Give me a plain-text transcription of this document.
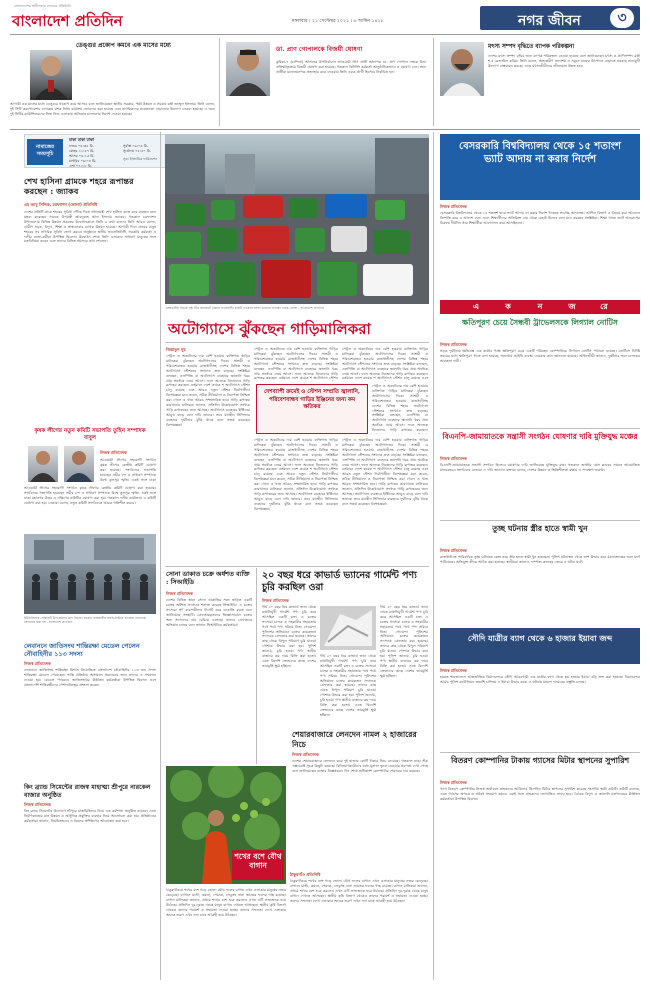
বাংলাদেশের স্বাধীনতার ভোরের প্রতিধ্বনি
বাংলাদেশ প্রতিদিন	মঙ্গলবার । ২১ সেপ্টেম্বর ২০২১ । ৬ আশ্বিন ১৪২৮	নগর জীবন	৩
ডেঙ্গুর প্রকোপ কমবে এক মাসের মধ্যে
আগামী এক মাসের মধ্যে ডেঙ্গুর প্রকোপ কমে আসবে বলে জানিয়েছেন স্থানীয় সরকার, পল্লী উন্নয়ন ও সমবায় মন্ত্রী তাজুল ইসলাম। তিনি বলেন, দুই সিটি করপোরেশন এলাকায় মশক নিধন কার্যক্রম জোরদার করা হয়েছে এবং নাগরিকদের সচেতনতা বাড়ানোর উদ্যোগ নেওয়া হয়েছে। এ জন্য দুই সিটির কাউন্সিলরদের নিজ নিজ এলাকায় অভিযান চালানোর নির্দেশ দেওয়া হয়েছে।
ডা. প্রাণ গোপালকে বিজয়ী ঘোষণা
কুমিল্লা-৭ (চান্দিনা) আসনের উপনির্বাচনে আওয়ামী লীগ প্রার্থী অধ্যাপক ডা. প্রাণ গোপাল দত্তকে বিনা প্রতিদ্বন্দ্বিতায় বিজয়ী ঘোষণা করা হয়েছে। গতকাল রিটার্নিং কর্মকর্তা আনুষ্ঠানিকভাবে এ ঘোষণা দেন। অন্য প্রার্থীরা মনোনয়নপত্র প্রত্যাহার করে নেওয়ায় তিনি একক প্রার্থী হিসেবে নির্বাচিত হন।
মৎস্য সম্পদ বৃদ্ধিতে ব্যাপক পরিকল্পনা
দেশের মৎস্য সম্পদ বৃদ্ধির জন্য ব্যাপক পরিকল্পনা নেওয়া হয়েছে বলে জানিয়েছেন মৎস্য ও প্রাণিসম্পদ মন্ত্রী শ ম রেজাউল করিম। তিনি বলেন, অভ্যন্তরীণ জলাশয় ও সমুদ্রে মাছের উৎপাদন বাড়াতে সরকার নানামুখী উদ্যোগ বাস্তবায়ন করছে। এতে মৎস্যজীবীদের জীবনমান উন্নত হবে।
নামাজের সময়সূচি
ঢাকা ঢাকা ঢাকা
ফজর ০৪:৩৫ মি.
যোহর ১১:৫৭ মি.
আসর ০৪:১৫ মি.
মাগরিব ০৬:০৪ মি.
এশা ০৭:১৮ মি.
সূর্যাস্ত ০৬:০৪ মি.
সূর্যোদয় ০৫:৫০ মি.
সূত্র: ইসলামিক ফাউন্ডেশন
শেখ হাসিনা গ্রামকে শহরে রূপান্তর করছেন : জ্যাকব
এম আবু সিদ্দিক, চরফ্যাশন (ভোলা) প্রতিনিধি
দেশের প্রতিটি গ্রামে শহরের সুবিধা পৌঁছে দিতে প্রধানমন্ত্রী শেখ হাসিনা কাজ করে যাচ্ছেন বলে মন্তব্য করেছেন সাবেক উপমন্ত্রী আবদুল্লাহ আল ইসলাম জ্যাকব। গতকাল চরফ্যাশন উপজেলায় বিভিন্ন উন্নয়ন প্রকল্পের উদ্বোধনকালে তিনি এ কথা বলেন। তিনি আরও বলেন, গ্রামীণ সড়ক, বিদ্যুৎ, শিক্ষা ও স্বাস্থ্যসেবার ব্যাপক উন্নয়ন হয়েছে। আগামী দিনে গ্রামের মানুষ শহরের সব নাগরিক সুবিধা ভোগ করবে। অনুষ্ঠানে স্থানীয় জনপ্রতিনিধি, সরকারি কর্মকর্তা ও দলীয় নেতা-কর্মীরা উপস্থিত ছিলেন। উদ্বোধন শেষে তিনি এলাকার সাধারণ মানুষের সঙ্গে মতবিনিময় করেন এবং তাদের বিভিন্ন সমস্যার কথা শোনেন।
কৃষক লীগের নতুন কমিটি সভাপতি তুহিন সম্পাদক বাবুল
নিজস্ব প্রতিবেদক
আওয়ামী লীগের সহযোগী সংগঠন কৃষক লীগের কেন্দ্রীয় কমিটি ঘোষণা করা হয়েছে। সংগঠনের সভাপতি হয়েছেন সমীর চন্দ ও সাধারণ সম্পাদক উম্মে কুলসুম স্মৃতি। একই সঙ্গে ঢাকা
আওয়ামী লীগের সহযোগী সংগঠন কৃষক লীগের কেন্দ্রীয় কমিটি ঘোষণা করা হয়েছে। সংগঠনের সভাপতি হয়েছেন সমীর চন্দ ও সাধারণ সম্পাদক উম্মে কুলসুম স্মৃতি। একই সঙ্গে ঢাকা মহানগর উত্তর ও দক্ষিণের কমিটিও ঘোষণা করা হয়। গতকাল দলীয় কার্যালয়ে এ কমিটি ঘোষণা করা হয়। নেতারা বলেন, নতুন কমিটি সংগঠনকে আরও গতিশীল করবে।
ইউনিসিফের সেরিনিটি উপজেলায় ত্রাণ বিতরণ করেন। রাজধানীর অ্যাভিনিউয়ে গতকাল নিরাপত্তা জোরদার করা হয় - বাংলাদেশ প্রতিদিন
লেবাননে জাতিসংঘ শান্তিরক্ষা মেডেল পেলেন নৌবাহিনীর ১১৩ সদস্য
নিজস্ব প্রতিবেদক
লেবাননে জাতিসংঘ শান্তিরক্ষা মিশনে নিয়োজিত বাংলাদেশ নৌবাহিনীর ১১৩ জন সদস্য শান্তিরক্ষা মেডেল পেয়েছেন। শান্তি প্রতিষ্ঠায় অসামান্য অবদানের জন্য তাদের এ সম্মাননা দেওয়া হয়। মেডেল প্যারেডে জাতিসংঘের ঊর্ধ্বতন কর্মকর্তারা উপস্থিত ছিলেন এবং বাংলাদেশি শান্তিরক্ষীদের পেশাদারিত্বের প্রশংসা করেন।
কিং ব্র্যান্ড সিমেন্টের রাজস্ব মাহাত্ম্য শ্রীপুরে নারকেল বাজার অনুষ্ঠিত
নিজস্ব প্রতিবেদক
কিং ব্র্যান্ড সিমেন্টের উদ্যোগে শ্রীপুরে রাজমিস্ত্রিদের নিয়ে এক কর্মশালা অনুষ্ঠিত হয়েছে। এতে নির্মাণকাজের মান উন্নয়ন ও আধুনিক প্রযুক্তির ব্যবহার নিয়ে আলোচনা করা হয়। প্রতিষ্ঠানের কর্মকর্তারা জানান, নিয়মিতভাবে এ ধরনের প্রশিক্ষণের আয়োজন করা হবে।
রাজধানীর সড়কে সৃষ্ট তীব্র যানজটে নাকাল নগরবাসী। ছবিটি গতকাল মৎস্য ভবনের এলাকা থেকে তোলা - বাংলাদেশ প্রতিদিন
অটোগ্যাসে ঝুঁকছেন গাড়িমালিকরা
জিন্নাতুন নূর
পেট্রল ও অকটেনের দাম বেশি হওয়ায় ব্যক্তিগত গাড়ির মালিকরা ঝুঁকছেন অটোগ্যাসের দিকে। সাশ্রয়ী ও পরিবেশবান্ধব হওয়ায় রাজধানীসহ দেশের বিভিন্ন শহরে অটোগ্যাস স্টেশনের সংখ্যাও দ্রুত বাড়ছে। সংশ্লিষ্টরা বলছেন, এলপিজি বা অটোগ্যাস ব্যবহারে জ্বালানি খরচ প্রায় অর্ধেকে নেমে আসে। ফলে অনেকে নিজেদের গাড়ি রূপান্তর করছেন। বর্তমানে দেশে কয়েক শ অটোগ্যাস স্টেশন চালু রয়েছে এবং আরও নতুন স্টেশন নির্মাণাধীন। বিশেষজ্ঞরা মনে করেন, সঠিক নীতিমালা ও নিরাপত্তা নিশ্চিত করা গেলে এ খাত আরও সম্প্রসারিত হবে। গাড়ি রূপান্তর কারখানার মালিকরা জানান, প্রতিদিন উল্লেখযোগ্য সংখ্যক গাড়ি রূপান্তরের জন্য আসছে। অটোগ্যাস ব্যবহারে ইঞ্জিনের আয়ুও বাড়ে বলে দাবি তাদের। তবে মানহীন সিলিন্ডার ব্যবহারে দুর্ঘটনার ঝুঁকি থাকে বলে সতর্ক করেছেন বিশেষজ্ঞরা।
পেট্রল ও অকটেনের দাম বেশি হওয়ায় ব্যক্তিগত গাড়ির মালিকরা ঝুঁকছেন অটোগ্যাসের দিকে। সাশ্রয়ী ও পরিবেশবান্ধব হওয়ায় রাজধানীসহ দেশের বিভিন্ন শহরে অটোগ্যাস স্টেশনের সংখ্যাও দ্রুত বাড়ছে। সংশ্লিষ্টরা বলছেন, এলপিজি বা অটোগ্যাস ব্যবহারে জ্বালানি খরচ প্রায় অর্ধেকে নেমে আসে। ফলে অনেকে নিজেদের গাড়ি রূপান্তর করছেন। বর্তমানে দেশে কয়েক শ অটোগ্যাস স্টেশন
পেট্রল ও অকটেনের দাম বেশি হওয়ায় ব্যক্তিগত গাড়ির মালিকরা ঝুঁকছেন অটোগ্যাসের দিকে। সাশ্রয়ী ও পরিবেশবান্ধব হওয়ায় রাজধানীসহ দেশের বিভিন্ন শহরে অটোগ্যাস স্টেশনের সংখ্যাও দ্রুত বাড়ছে। সংশ্লিষ্টরা বলছেন, এলপিজি বা অটোগ্যাস ব্যবহারে জ্বালানি খরচ প্রায় অর্ধেকে নেমে আসে। ফলে অনেকে নিজেদের গাড়ি রূপান্তর করছেন। বর্তমানে দেশে কয়েক শ অটোগ্যাস স্টেশন চালু রয়েছে এবং
দেশব্যাপী ক্রমেই ও স্টেশন সম্প্রতি জ্বালানি, পরিবেশবান্ধব গাড়ির ইঞ্জিনের জন্য কম ক্ষতিকর
পেট্রল ও অকটেনের দাম বেশি হওয়ায় ব্যক্তিগত গাড়ির মালিকরা ঝুঁকছেন অটোগ্যাসের দিকে। সাশ্রয়ী ও পরিবেশবান্ধব হওয়ায় রাজধানীসহ দেশের বিভিন্ন শহরে অটোগ্যাস স্টেশনের সংখ্যাও দ্রুত বাড়ছে। সংশ্লিষ্টরা বলছেন, এলপিজি বা অটোগ্যাস ব্যবহারে জ্বালানি খরচ প্রায় অর্ধেকে নেমে আসে। ফলে অনেকে নিজেদের গাড়ি রূপান্তর করছেন। বর্তমানে দেশে কয়েক শ অটোগ্যাস স্টেশন চালু রয়েছে এবং আরও নতুন স্টেশন নির্মাণাধীন। বিশেষজ্ঞরা মনে করেন, সঠিক নীতিমালা ও নিরাপত্তা নিশ্চিত করা গেলে এ খাত আরও সম্প্রসারিত হবে। গাড়ি রূপান্তর কারখানার মালিকরা জানান, প্রতিদিন উল্লেখযোগ্য সংখ্যক গাড়ি রূপান্তরের জন্য আসছে। অটোগ্যাস ব্যবহারে ইঞ্জিনের আয়ুও বাড়ে বলে দাবি তাদের। তবে মানহীন সিলিন্ডার ব্যবহারে দুর্ঘটনার ঝুঁকি থাকে বলে সতর্ক করেছেন বিশেষজ্ঞরা।
পেট্রল ও অকটেনের দাম বেশি হওয়ায় ব্যক্তিগত গাড়ির মালিকরা ঝুঁকছেন অটোগ্যাসের দিকে। সাশ্রয়ী ও পরিবেশবান্ধব হওয়ায় রাজধানীসহ দেশের বিভিন্ন শহরে অটোগ্যাস স্টেশনের সংখ্যাও দ্রুত বাড়ছে। সংশ্লিষ্টরা বলছেন, এলপিজি বা অটোগ্যাস ব্যবহারে জ্বালানি খরচ প্রায় অর্ধেকে নেমে আসে। ফলে অনেকে নিজেদের গাড়ি রূপান্তর করছেন।
পেট্রল ও অকটেনের দাম বেশি হওয়ায় ব্যক্তিগত গাড়ির মালিকরা ঝুঁকছেন অটোগ্যাসের দিকে। সাশ্রয়ী ও পরিবেশবান্ধব হওয়ায় রাজধানীসহ দেশের বিভিন্ন শহরে অটোগ্যাস স্টেশনের সংখ্যাও দ্রুত বাড়ছে। সংশ্লিষ্টরা বলছেন, এলপিজি বা অটোগ্যাস ব্যবহারে জ্বালানি খরচ প্রায় অর্ধেকে নেমে আসে। ফলে অনেকে নিজেদের গাড়ি রূপান্তর করছেন। বর্তমানে দেশে কয়েক শ অটোগ্যাস স্টেশন চালু রয়েছে এবং আরও নতুন স্টেশন নির্মাণাধীন। বিশেষজ্ঞরা মনে করেন, সঠিক নীতিমালা ও নিরাপত্তা নিশ্চিত করা গেলে এ খাত আরও সম্প্রসারিত হবে। গাড়ি রূপান্তর কারখানার মালিকরা জানান, প্রতিদিন উল্লেখযোগ্য সংখ্যক গাড়ি রূপান্তরের জন্য আসছে। অটোগ্যাস ব্যবহারে ইঞ্জিনের আয়ুও বাড়ে বলে দাবি তাদের। তবে মানহীন সিলিন্ডার ব্যবহারে দুর্ঘটনার ঝুঁকি থাকে বলে সতর্ক করেছেন বিশেষজ্ঞরা।
সোনা ডাকাত চক্রে অর্ধশত ব্যক্তি : সিআইডি
নিজস্ব প্রতিবেদক
দেশের বিভিন্ন স্থানে সোনা ডাকাতির সঙ্গে জড়িত একটি চক্রের অর্ধশত সদস্যকে শনাক্ত করেছে সিআইডি। এ চক্রের সদস্যরা স্বর্ণ ব্যবসায়ীদের টার্গেট করে ডাকাতি করত বলে জানিয়েছে সংস্থাটি। গ্রেফতারকৃতদের জিজ্ঞাসাবাদে চক্রের অন্য সদস্যদের নাম বেরিয়ে এসেছে। তাদের গ্রেফতারে অভিযান চলছে বলে জানান সিআইডির কর্মকর্তারা।
২০ বছর ধরে কাভার্ড ভ্যানের গার্মেন্ট পণ্য চুরি করছিল ওরা
নিজস্ব প্রতিবেদক
দীর্ঘ ২০ বছর ধরে কাভার্ড ভ্যান থেকে রপ্তানিমুখী গার্মেন্ট পণ্য চুরি করে আসছিল একটি চক্র। এ চক্রের সদস্যরা চালক ও সহকারীর সহায়তায় পথে পথে পণ্য সরিয়ে নিত। গোয়েন্দা পুলিশের অভিযানে চক্রের কয়েকজন সদস্যকে গ্রেফতার করা হয়েছে। তাদের কাছ থেকে বিপুল পরিমাণ চুরি যাওয়া পোশাক উদ্ধার করা হয়। পুলিশ জানায়, চুরি হওয়া পণ্য স্থানীয় বাজারে কম দামে বিক্রি করা হতো। এতে বিদেশি ক্রেতাদের কাছে দেশের ভাবমূর্তি ক্ষুণ্ণ হচ্ছিল।
দীর্ঘ ২০ বছর ধরে কাভার্ড ভ্যান থেকে রপ্তানিমুখী গার্মেন্ট পণ্য চুরি করে আসছিল একটি চক্র। এ চক্রের সদস্যরা চালক ও সহকারীর সহায়তায় পথে পথে পণ্য সরিয়ে নিত। গোয়েন্দা পুলিশের অভিযানে চক্রের কয়েকজন সদস্যকে গ্রেফতার করা হয়েছে। তাদের কাছ থেকে বিপুল পরিমাণ চুরি যাওয়া পোশাক উদ্ধার করা হয়। পুলিশ জানায়, চুরি হওয়া পণ্য স্থানীয় বাজারে কম দামে বিক্রি করা হতো। এতে বিদেশি ক্রেতাদের কাছে দেশের ভাবমূর্তি ক্ষুণ্ণ হচ্ছিল।
দীর্ঘ ২০ বছর ধরে কাভার্ড ভ্যান থেকে রপ্তানিমুখী গার্মেন্ট পণ্য চুরি করে আসছিল একটি চক্র। এ চক্রের সদস্যরা চালক ও সহকারীর সহায়তায় পথে পথে পণ্য সরিয়ে নিত। গোয়েন্দা পুলিশের অভিযানে চক্রের কয়েকজন সদস্যকে গ্রেফতার করা হয়েছে। তাদের কাছ থেকে বিপুল পরিমাণ চুরি যাওয়া পোশাক উদ্ধার করা হয়। পুলিশ জানায়, চুরি হওয়া পণ্য স্থানীয় বাজারে কম দামে বিক্রি করা হতো। এতে বিদেশি ক্রেতাদের কাছে দেশের ভাবমূর্তি ক্ষুণ্ণ হচ্ছিল।
শেয়ারবাজারে লেনদেন নামল ২ হাজারের নিচে
নিজস্ব প্রতিবেদক
দেশের শেয়ারবাজারে লেনদেন কমে দুই হাজার কোটি টাকার নিচে নেমেছে। গতকাল ঢাকা স্টক এক্সচেঞ্জে সূচক কিছুটা কমেছে। বিনিয়োগকারীদের মধ্যে মুনাফা তুলে নেওয়ার প্রবণতা দেখা গেছে বলে জানিয়েছেন বাজার বিশ্লেষকরা। দিন শেষে অধিকাংশ কোম্পানির শেয়ারের দাম কমেছে।
শখের বশে যৌথ বাগান
ঠাকুরগাঁও প্রতিনিধি
ঠাকুরগাঁওয়ে শখের বশে গড়ে তোলা যৌথ ফলের বাগান এখন এলাকার মানুষের নজর কেড়েছে। বাগানে মাল্টা, কমলা, পেয়ারা, লেবুসহ নানা জাতের ফলের গাছ রয়েছে। বাগান মালিকরা জানান, প্রথমে শখের বশে শুরু করলেও এখন এটি লাভজনক হয়ে উঠেছে। প্রতিদিন দূর-দূরান্ত থেকে মানুষ বাগান দেখতে আসছেন। স্থানীয় কৃষি বিভাগ থেকেও তাদের পরামর্শ ও সহায়তা দেওয়া হচ্ছে। তাদের সফলতা দেখে এলাকার অনেক তরুণ এখন ফল চাষে আগ্রহী হয়ে উঠছেন।
ঠাকুরগাঁওয়ে শখের বশে গড়ে তোলা যৌথ ফলের বাগান এখন এলাকার মানুষের নজর কেড়েছে। বাগানে মাল্টা, কমলা, পেয়ারা, লেবুসহ নানা জাতের ফলের গাছ রয়েছে। বাগান মালিকরা জানান, প্রথমে শখের বশে শুরু করলেও এখন এটি লাভজনক হয়ে উঠেছে। প্রতিদিন দূর-দূরান্ত থেকে মানুষ বাগান দেখতে আসছেন। স্থানীয় কৃষি বিভাগ থেকেও তাদের পরামর্শ ও সহায়তা দেওয়া হচ্ছে। তাদের সফলতা দেখে এলাকার অনেক তরুণ এখন ফল চাষে আগ্রহী হয়ে উঠছেন।
বেসরকারি বিশ্ববিদ্যালয় থেকে ১৫ শতাংশ ভ্যাট আদায় না করার নির্দেশ
নিজস্ব প্রতিবেদক
বেসরকারি বিশ্ববিদ্যালয় থেকে ১৫ শতাংশ হারে ভ্যাট আদায় না করার নির্দেশ দিয়েছে সর্বোচ্চ আদালত। আপিল বিভাগ এ বিষয়ে করা আবেদন নিষ্পত্তি করে এ আদেশ দেন। ফলে শিক্ষার্থীদের অতিরিক্ত ব্যয় থেকে রেহাই মিলবে বলে মনে করছেন সংশ্লিষ্টরা। শিক্ষা খাতে ভ্যাট আরোপের বিরুদ্ধে দীর্ঘদিন ধরে শিক্ষার্থীরা আন্দোলন করে আসছিলেন।
এ	ক	ন	জ	রে
ক্ষতিপূরণ চেয়ে সৈন্ধবী ট্রাভেলসকে লিগ্যাল নোটিস
নিজস্ব প্রতিবেদক
সড়ক দুর্ঘটনায় ক্ষতিগ্রস্ত এক যাত্রীর পক্ষে ক্ষতিপূরণ চেয়ে একটি পরিবহন কোম্পানিকে লিগ্যাল নোটিস পাঠানো হয়েছে। নোটিসে নির্দিষ্ট সময়ের মধ্যে ক্ষতিপূরণ দিতে বলা হয়েছে, অন্যথায় আইনি ব্যবস্থা নেওয়ার কথা জানানো হয়েছে। আইনজীবী জানান, দুর্ঘটনার জন্য চালকের অবহেলা দায়ী।
বিএনপি-জামায়াতকে সন্ত্রাসী সংগঠন ঘোষণার দাবি মুক্তিযুদ্ধ মঞ্চের
নিজস্ব প্রতিবেদক
বিএনপি-জামায়াতকে সন্ত্রাসী সংগঠন হিসেবে ঘোষণার দাবি জানিয়েছে মুক্তিযুদ্ধ মঞ্চ। গতকাল জাতীয় প্রেস ক্লাবের সামনে আয়োজিত মানববন্ধনে সংগঠনের নেতারা এ দাবি জানান। বক্তারা বলেন, দেশের উন্নয়ন ও স্থিতিশীলতা রক্ষায় এ পদক্ষেপ জরুরি।
তুচ্ছ ঘটনায় স্ত্রীর হাতে স্বামী খুন
নিজস্ব প্রতিবেদক
রাজধানীতে পারিবারিক তুচ্ছ ঘটনাকে কেন্দ্র করে স্ত্রীর হাতে স্বামী খুন হয়েছেন। পুলিশ ঘটনাস্থল থেকে লাশ উদ্ধার করে ময়নাতদন্তের জন্য মর্গে পাঠিয়েছে। অভিযুক্ত স্ত্রীকে আটক করা হয়েছে। স্থানীয়রা জানান, দাম্পত্য কলহের জেরে এ ঘটনা ঘটে।
সৌদি যাত্রীর ব্যাগ থেকে ৬ হাজার ইয়াবা জব্দ
নিজস্ব প্রতিবেদক
হযরত শাহজালাল আন্তর্জাতিক বিমানবন্দরে সৌদি আরবগামী এক যাত্রীর ব্যাগ থেকে ছয় হাজার ইয়াবা বড়ি জব্দ করা হয়েছে। বিমানবন্দর আর্মড পুলিশ ব্যাটালিয়ন তল্লাশি চালিয়ে এ ইয়াবা উদ্ধার করে। এ ঘটনায় মামলা দায়েরের প্রস্তুতি চলছে।
বিতরণ কোম্পানির টাকায় গ্যাসের মিটার স্থাপনের সুপারিশ
নিজস্ব প্রতিবেদক
গ্যাস বিতরণ কোম্পানির নিজস্ব অর্থায়নে গ্রাহকদের আঙিনায় প্রিপেইড মিটার স্থাপনের সুপারিশ করেছে সংসদীয় স্থায়ী কমিটি। কমিটি বলেছে, এতে গ্যাসের অপচয় ও অবৈধ সংযোগ কমবে। একই সঙ্গে গ্রাহকদের ভোগান্তিও লাঘব হবে। বৈঠকে বিদ্যুৎ ও জ্বালানি মন্ত্রণালয়ের ঊর্ধ্বতন কর্মকর্তারা উপস্থিত ছিলেন।
